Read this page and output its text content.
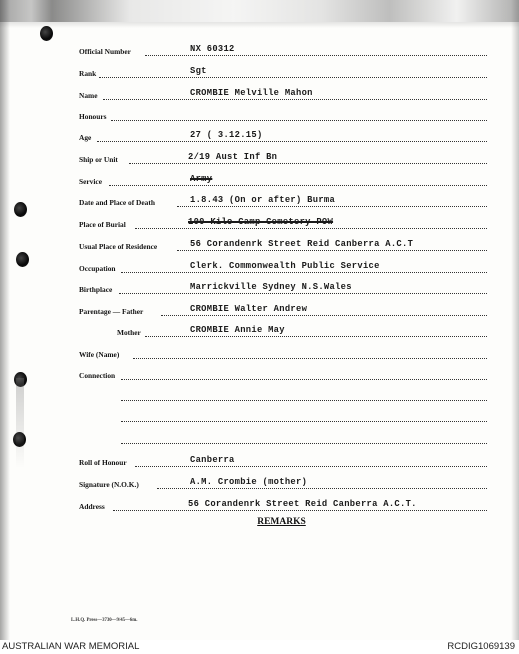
Official Number	NX 60312
Rank	Sgt
Name	CROMBIE Melville Mahon
Honours
Age	27 ( 3.12.15)
Ship or Unit	2/19 Aust Inf Bn
Service	Army
Date and Place of Death	1.8.43 (On or after) Burma
Place of Burial	100 Kilo Camp Cemetery POW
Usual Place of Residence	56 Corandenrk Street Reid Canberra A.C.T
Occupation	Clerk. Commonwealth Public Service
Birthplace	Marrickville Sydney N.S.Wales
Parentage — Father	CROMBIE Walter Andrew
Mother	CROMBIE Annie May
Wife (Name)
Connection
Roll of Honour	Canberra
Signature (N.O.K.)	A.M. Crombie (mother)
Address	56 Corandenrk Street Reid Canberra A.C.T.
REMARKS
L.H.Q. Press—3730—9/45—6m.
AUSTRALIAN WAR MEMORIAL	RCDIG1069139
